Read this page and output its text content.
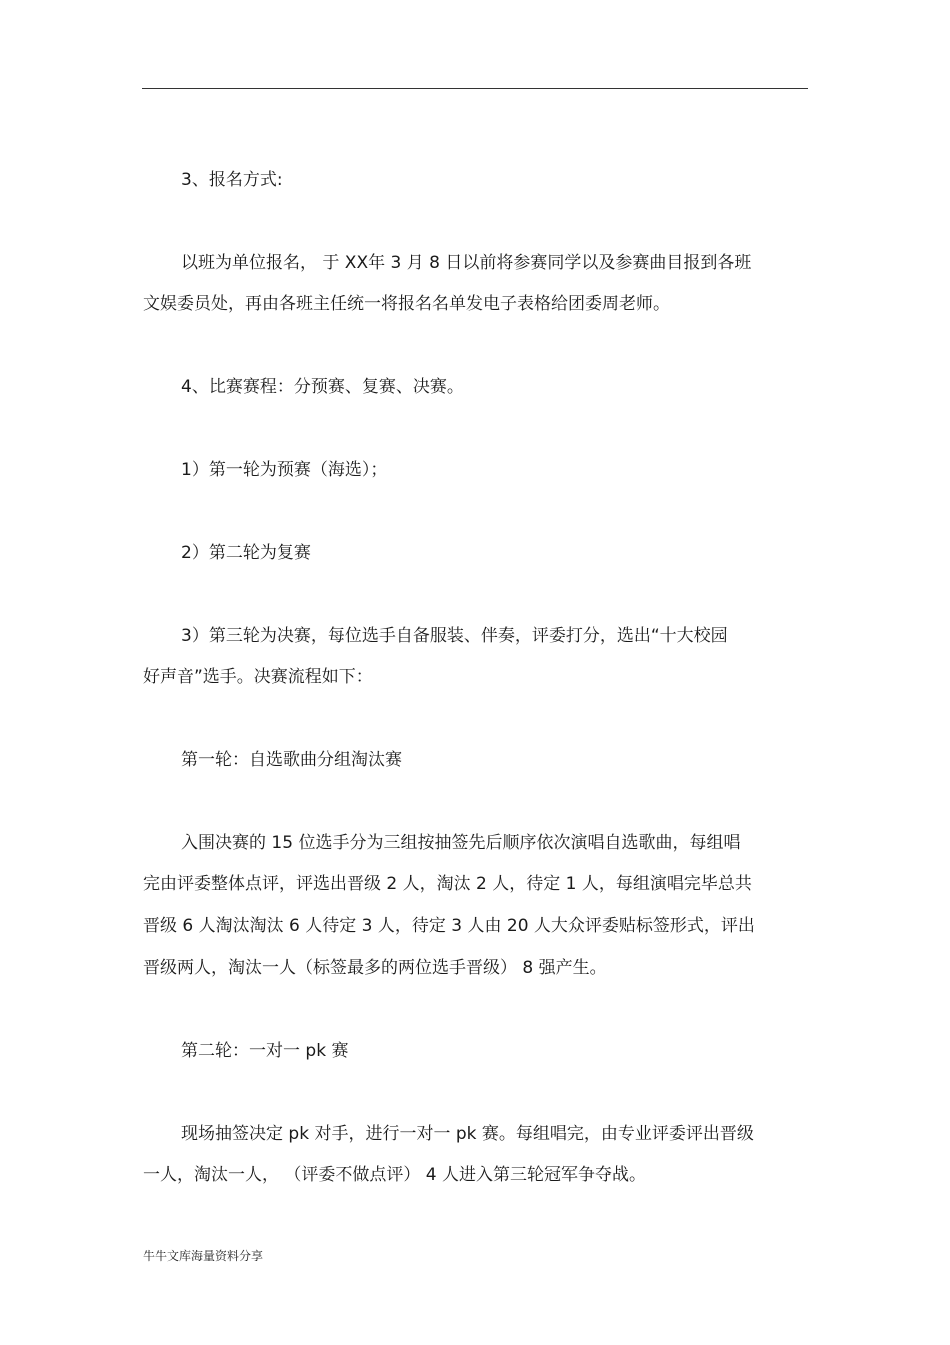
3、报名方式:
以班为单位报名， 于 XX年 3 月 8 日以前将参赛同学以及参赛曲目报到各班
文娱委员处，再由各班主任统一将报名名单发电子表格给团委周老师。
4、比赛赛程：分预赛、复赛、决赛。
1）第一轮为预赛（海选）；
2）第二轮为复赛
3）第三轮为决赛，每位选手自备服装、伴奏，评委打分，选出“十大校园
好声音”选手。决赛流程如下：
第一轮：自选歌曲分组淘汰赛
入围决赛的 15 位选手分为三组按抽签先后顺序依次演唱自选歌曲，每组唱
完由评委整体点评，评选出晋级 2 人，淘汰 2 人，待定 1 人，每组演唱完毕总共
晋级 6 人淘汰淘汰 6 人待定 3 人，待定 3 人由 20 人大众评委贴标签形式，评出
晋级两人，淘汰一人（标签最多的两位选手晋级） 8 强产生。
第二轮：一对一 pk 赛
现场抽签决定 pk 对手，进行一对一 pk 赛。每组唱完，由专业评委评出晋级
一人，淘汰一人， （评委不做点评） 4 人进入第三轮冠军争夺战。
牛牛文库海量资料分享
